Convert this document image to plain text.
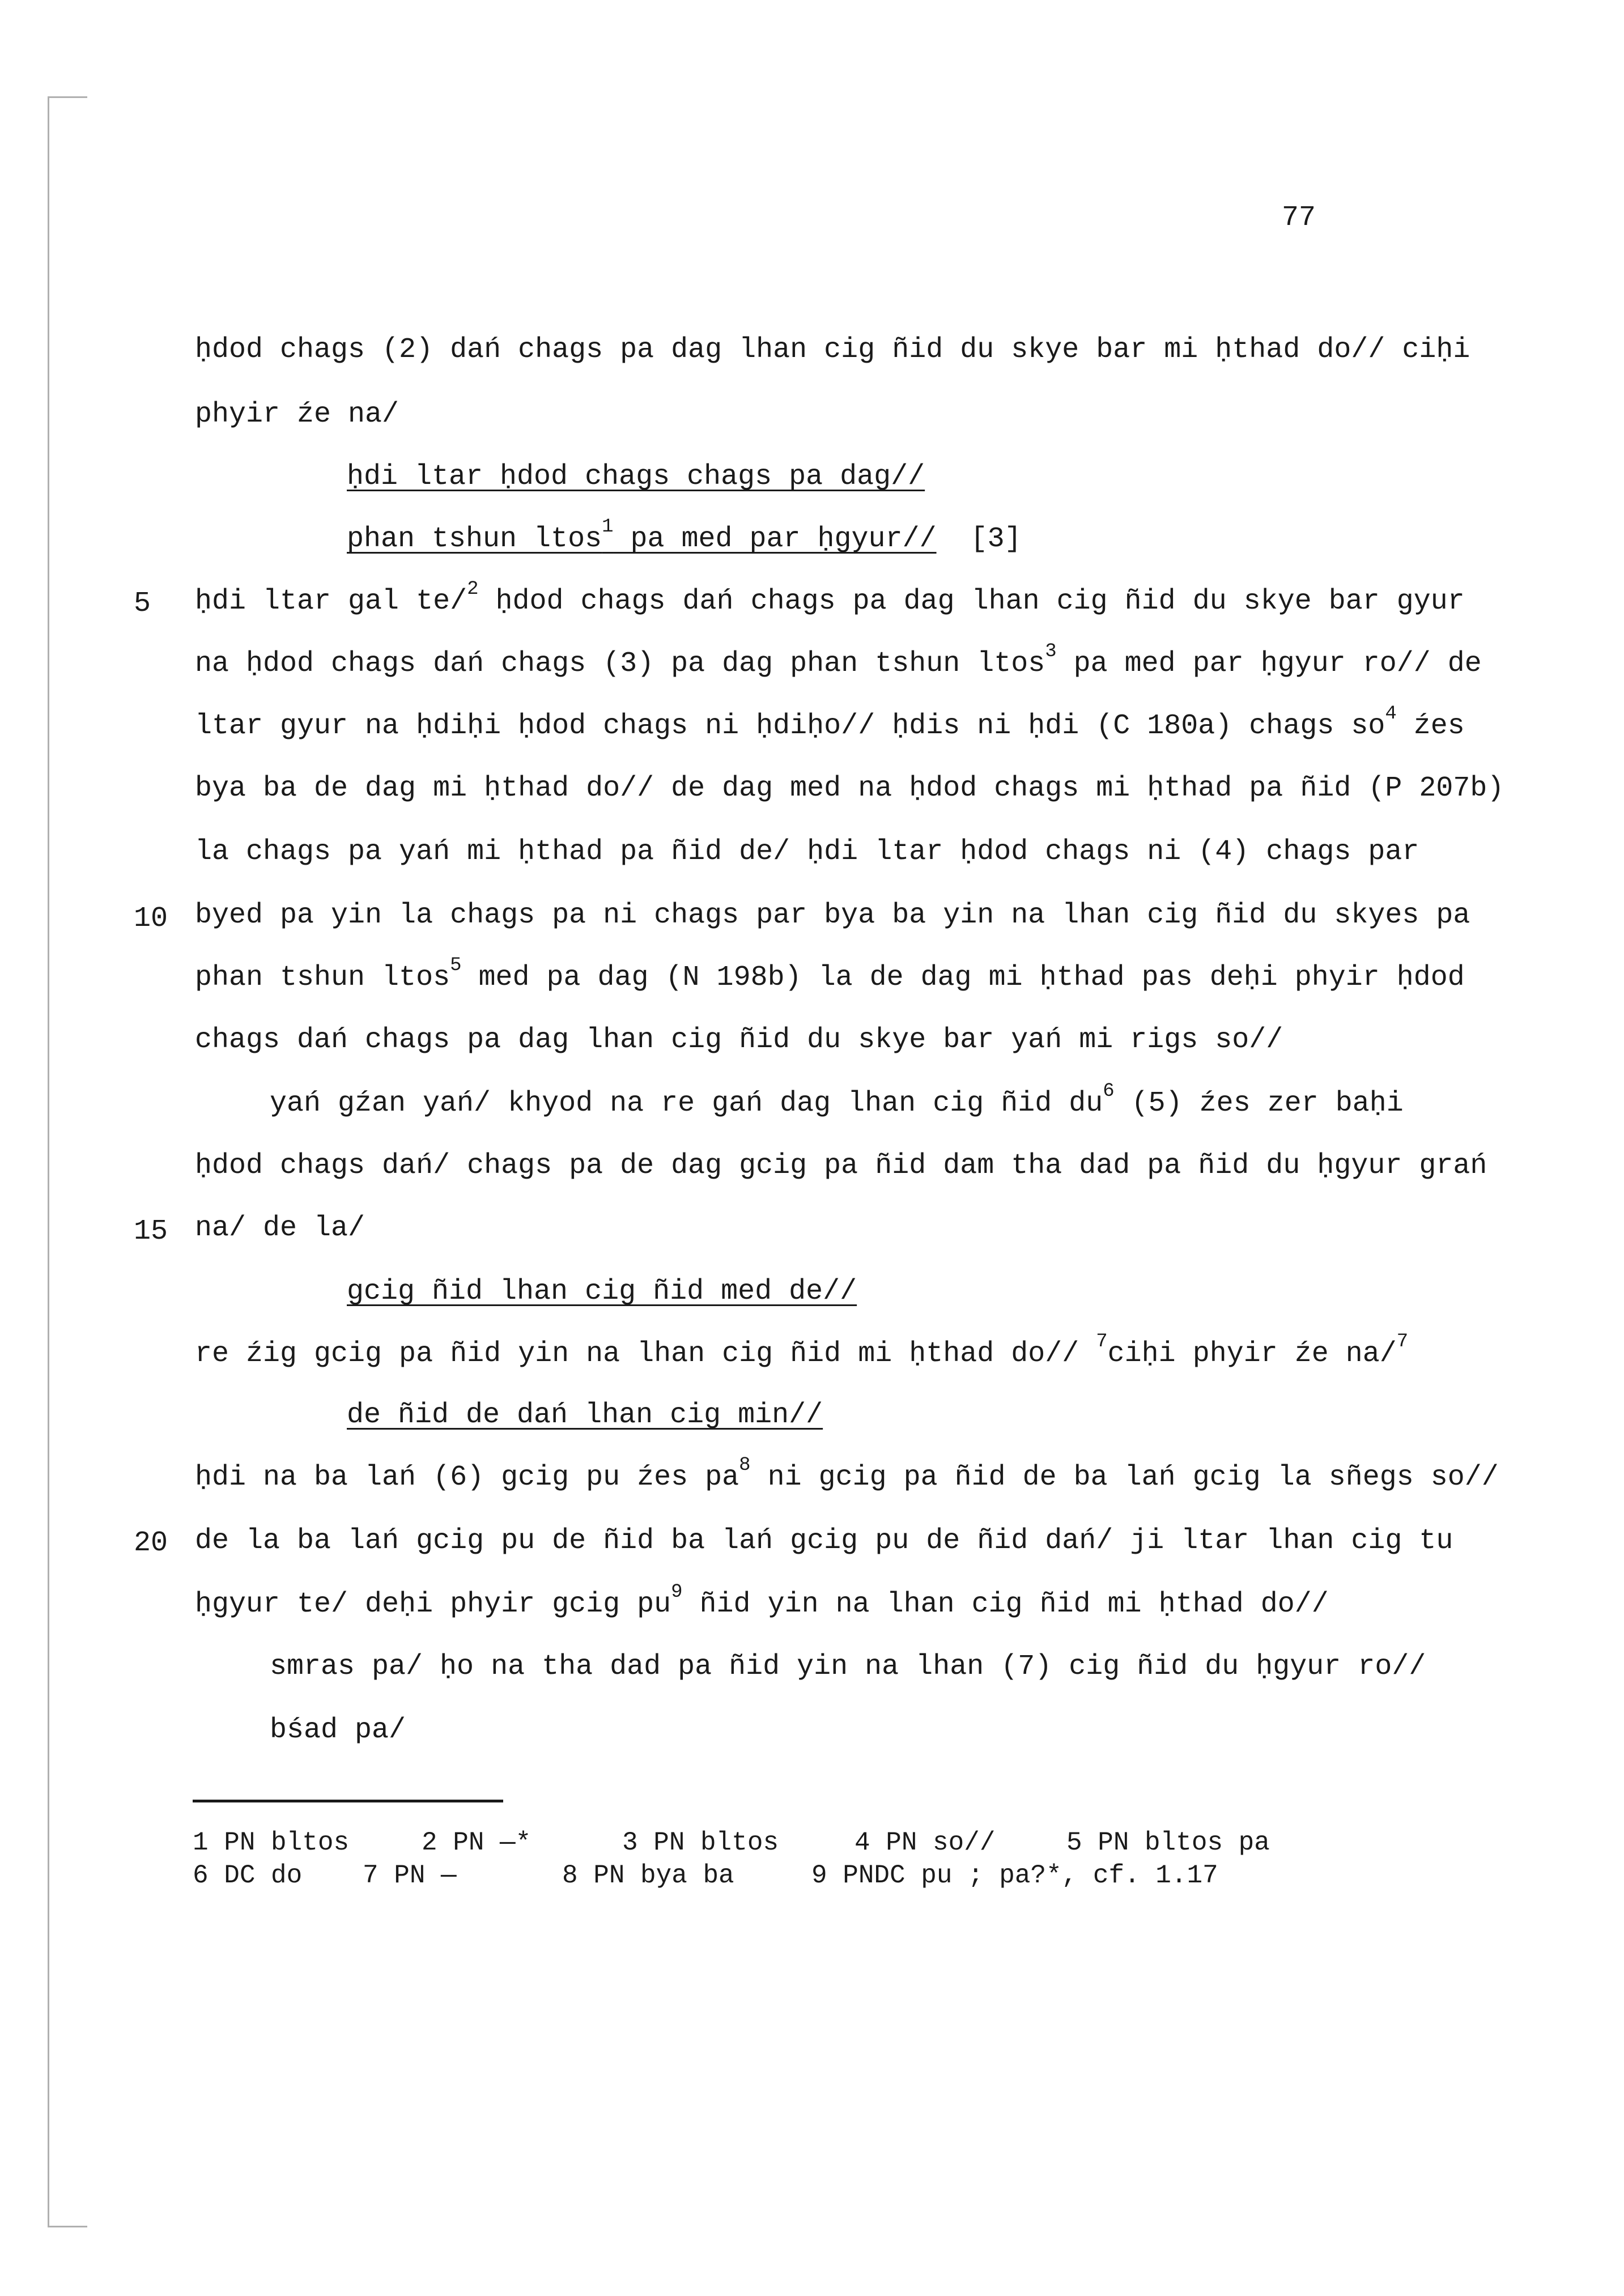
77
5
10
15
20
ḥdod chags (2) dań chags pa dag lhan cig ñid du skye bar mi ḥthad do// ciḥi
phyir źe na/
ḥdi ltar ḥdod chags chags pa dag//
phan tshun ltos$^1$ pa med par ḥgyur//  [3]
ḥdi ltar gal te/$^2$ ḥdod chags dań chags pa dag lhan cig ñid du skye bar gyur
na ḥdod chags dań chags (3) pa dag phan tshun ltos$^3$ pa med par ḥgyur ro// de
ltar gyur na ḥdiḥi ḥdod chags ni ḥdiḥo// ḥdis ni ḥdi (C 180a) chags $so^4$ źes
bya ba de dag mi ḥthad do// de dag med na ḥdod chags mi ḥthad pa ñid (P 207b)
la chags pa yań mi ḥthad pa ñid de/ ḥdi ltar ḥdod chags ni (4) chags par
byed pa yin la chags pa ni chags par bya ba yin na lhan cig ñid du skyes pa
phan tshun ltos$^5$ med pa dag (N 198b) la de dag mi ḥthad pas deḥi phyir ḥdod
chags dań chags pa dag lhan cig ñid du skye bar yań mi rigs so//
yań gźan yań/ khyod na re gań dag lhan cig ñid $du^6$ (5) źes zer baḥi
ḥdod chags dań/ chags pa de dag gcig pa ñid dam tha dad pa ñid du ḥgyur grań
na/ de la/
gcig ñid lhan cig ñid med de//
re źig gcig pa ñid yin na lhan cig ñid mi ḥthad do// $^7$ciḥi phyir źe na/$^7$
de ñid de dań lhan cig min//
ḥdi na ba lań (6) gcig pu źes $pa^8$ ni gcig pa ñid de ba lań gcig la sñegs so//
de la ba lań gcig pu de ñid ba lań gcig pu de ñid dań/ ji ltar lhan cig tu
ḥgyur te/ deḥi phyir gcig $pu^9$ ñid yin na lhan cig ñid mi ḥthad do//
smras pa/ ḥo na tha dad pa ñid yin na lhan (7) cig ñid du ḥgyur ro//
bśad pa/
1 PN bltos	2 PN —*	3 PN bltos	4 PN so//	5 PN bltos pa
6 DC do 7 PN —	8 PN bya ba	9 PNDC pu ; pa?*, cf. 1.17
